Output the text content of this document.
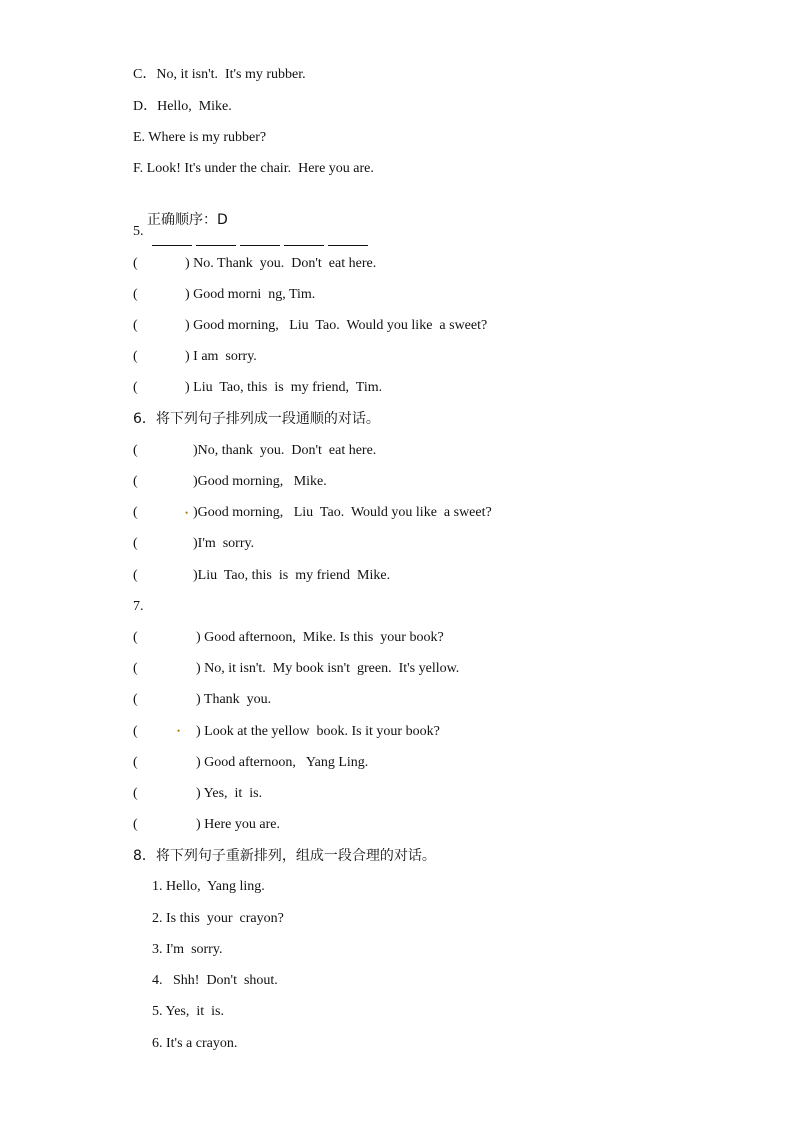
C．No, it isn't.  It's my rubber.
D．Hello,  Mike.
E. Where is my rubber?
F. Look! It's under the chair.  Here you are.

正确顺序：D

5.
(	) No. Thank  you.  Don't  eat here.
(	) Good morni  ng, Tim.
(	) Good morning,   Liu  Tao.  Would you like  a sweet?
(	) I am  sorry.
(	) Liu  Tao, this  is  my friend,  Tim.
6．将下列句子排列成一段通顺的对话。
(	)No, thank  you.  Don't  eat here.
(	)Good morning,   Mike.
(	)Good morning,   Liu  Tao.  Would you like  a sweet?
(	)I'm  sorry.
(	)Liu  Tao, this  is  my friend  Mike.
•
7.
(	) Good afternoon,  Mike. Is this  your book?
(	) No, it isn't.  My book isn't  green.  It's yellow.
(	) Thank  you.
(	) Look at the yellow  book. Is it your book?
(	) Good afternoon,   Yang Ling.
(	) Yes,  it  is.
(	) Here you are.
•
8．将下列句子重新排列，组成一段合理的对话。
1. Hello,  Yang ling.
2. Is this  your  crayon?
3. I'm  sorry.
4.   Shh!  Don't  shout.
5. Yes,  it  is.
6. It's a crayon.
